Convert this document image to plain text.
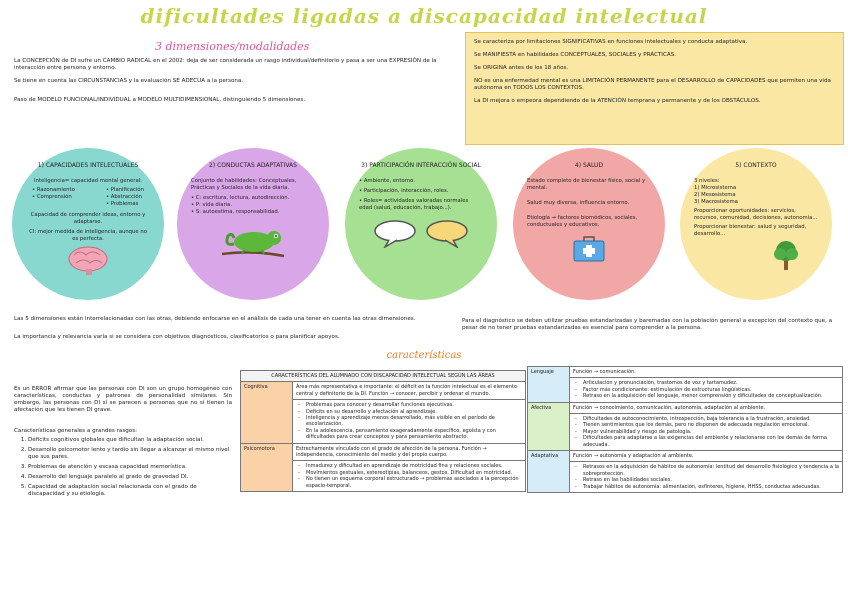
dificultades ligadas a discapacidad intelectual
3 dimensiones/modalidades

La CONCEPCIÓN de DI sufre un CAMBIO RADICAL en el 2002: deja de ser considerada un rasgo individual/definitorio y pasa a ser una EXPRESIÓN de la interacción entre persona y entorno.

Se tiene en cuenta las CIRCUNSTANCIAS y la evaluación SE ADECUA a la persona.

Paso de MODELO FUNCIONAL/INDIVIDUAL a MODELO MULTIDIMENSIONAL, distinguiendo 5 dimensiones.

Se caracteriza por limitaciones SIGNIFICATIVAS en funciones intelectuales y conducta adaptativa.

Se MANIFIESTA en habilidades CONCEPTUALES, SOCIALES y PRÁCTICAS.

Se ORIGINA antes de los 18 años.

NO es una enfermedad mental es una LIMITACIÓN PERMANENTE para el DESARROLLO de CAPACIDADES que permiten una vida autónoma en TODOS LOS CONTEXTOS.

La DI mejora o empeora dependiendo de la ATENCIÓN temprana y permanente y de los OBSTÁCULOS.

1) CAPACIDADES INTELECTUALES
Inteligencia= capacidad mental general:
• Razonamiento
• Comprensión
• Planificación
• Abstracción
• Problemas
Capacidad de comprender ideas, entorno y adaptarse.
CI: mejor medida de inteligencia, aunque no es perfecta.
2) CONDUCTAS ADAPTATIVAS
Conjunto de habilidades: Conceptuales, Prácticas y Sociales de la vida diaria.
• C: escritura, lectura, autodirección.
• P: vida diaria.
• S: autoestima, responsabilidad.
3) PARTICIPACIÓN INTERACCIÓN SOCIAL
• Ambiente, entorno.
• Participación, interacción, roles.
• Roles= actividades valoradas normales edad (salud, educación, trabajo...).
4) SALUD
Estado completo de bienestar físico, social y mental.
Salud muy diversa, influencia entorno.
Etiología → factores biomédicos, sociales, conductuales y educativos.
5) CONTEXTO
3 niveles:
1) Microsistema
2) Mesosistema
3) Macrosistema
Proporcionar oportunidades: servicios, recursos, comunidad, decisiones, autonomía...
Proporcionar bienestar: salud y seguridad, desarrollo...
Las 5 dimensiones están interrelacionadas con las otras, debiendo enfocarse en el análisis de cada una tener en cuenta las otras dimensiones.
La importancia y relevancia varía si se considera con objetivos diagnósticos, clasificatorios o para planificar apoyos.
Para el diagnóstico se deben utilizar pruebas estandarizadas y baremadas con la población general a excepción del contexto que, a pesar de no tener pruebas estandarizadas es esencial para comprender a la persona.
características

Es un ERROR afirmar que las personas con DI son un grupo homogéneo con características, conductas y patrones de personalidad similares. Sin embargo, las personas con DI sí se parecen a personas que no sí tienen la afectación que les tienen DI grave.

Características generales a grandes rasgos:

1. Déficits cognitivos globales que dificultan la adaptación social.
2. Desarrollo psicomotor lento y tardío sin llegar a alcanzar el mismo nivel que sus pares.
3. Problemas de atención y escasa capacidad memorística.
4. Desarrollo del lenguaje paralelo al grado de gravedad DI.
5. Capacidad de adaptación social relacionada con el grado de discapacidad y su etiología.
CARACTERÍSTICAS DEL ALUMNADO CON DISCAPACIDAD INTELECTUAL SEGÚN LAS ÁREAS	
Cognitiva	Área más representativa e importante: el déficit en la función intelectual es el elemento central y definitorio de la DI. Función → conocer, percibir y ordenar el mundo.

	- Problemas para conocer y desarrollar funciones ejecutivas.
- Déficits en su desarrollo y afectación al aprendizaje.
- Inteligencia y aprendizaje menos desarrollado, más visible en el período de escolarización.
- En la adolescencia, pensamiento exageradamente específico, egoísta y con dificultades para crear conceptos y para pensamiento abstracto.

Psicomotora	Estrechamente vinculado con el grado de afección de la persona. Función → independencia, conocimiento del medio y del propio cuerpo.

	- Inmadurez y dificultad en aprendizaje de motricidad fina y relaciones sociales.
- Movimientos gestuales, estereotipias, balanceos, gestos. Dificultad en motricidad.
- No tienen un esquema corporal estructurado → problemas asociados a la percepción espacio-temporal.
Lenguaje	Función → comunicación.

	- Articulación y pronunciación, trastornos de voz y tartamudez.
- Factor más condicionante: estimulación de estructuras lingüísticas.
- Retraso en la adquisición del lenguaje, menor comprensión y dificultades de conceptualización.

Afectiva	Función → conocimiento, comunicación, autonomía, adaptación al ambiente.

	- Dificultades de autoconocimiento, introspección, baja tolerancia a la frustración, ansiedad.
- Tienen sentimientos que los demás, pero no disponen de adecuada regulación emocional.
- Mayor vulnerabilidad y riesgo de patología.
- Dificultades para adaptarse a las exigencias del ambiente y relacionarse con los demás de forma adecuada.

Adaptativa	Función → autonomía y adaptación al ambiente.

	- Retrasos en la adquisición de hábitos de autonomía: lentitud del desarrollo fisiológico y tendencia a la sobreprotección.
- Retraso en las habilidades sociales.
- Trabajar hábitos de autonomía: alimentación, esfínteres, higiene, HHSS, conductas adecuadas.
